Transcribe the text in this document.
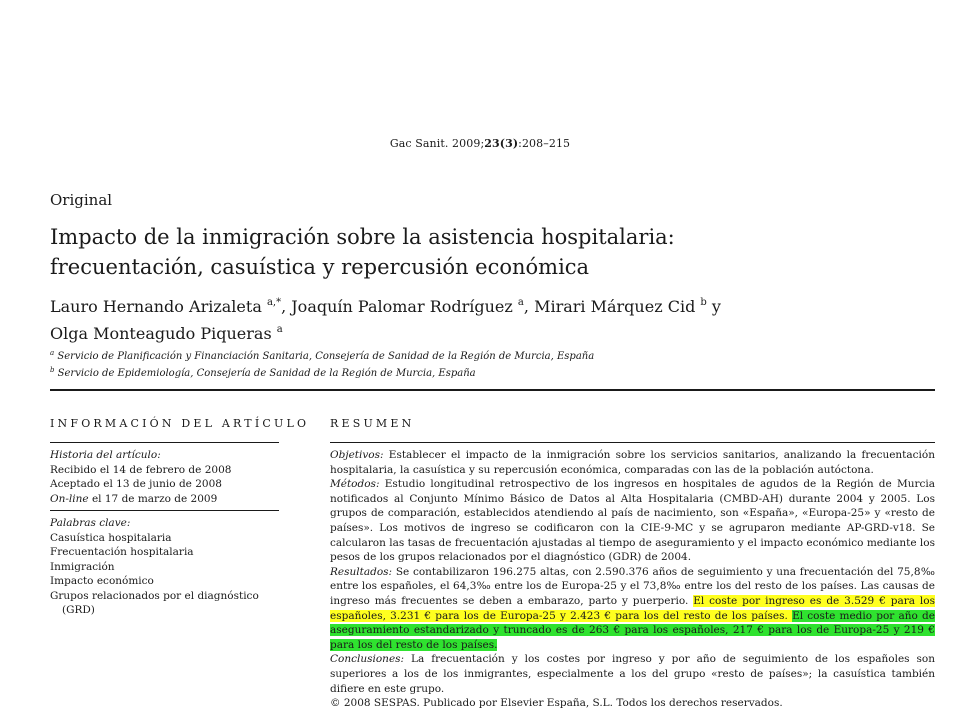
Gac Sanit. 2009;23(3):208–215
Original
Impacto de la inmigración sobre la asistencia hospitalaria:
frecuentación, casuística y repercusión económica
Lauro Hernando Arizaleta $^{a,*}$, Joaquín Palomar Rodríguez $^a$, Mirari Márquez Cid $^b$ y
Olga Monteagudo Piqueras $^a$
$^a$ Servicio de Planificación y Financiación Sanitaria, Consejería de Sanidad de la Región de Murcia, España
$^b$ Servicio de Epidemiología, Consejería de Sanidad de la Región de Murcia, España
INFORMACIÓN DEL ARTÍCULO RESUMEN
Historia del artículo:
Recibido el 14 de febrero de 2008
Aceptado el 13 de junio de 2008
On-line el 17 de marzo de 2009
Palabras clave:
Casuística hospitalaria
Frecuentación hospitalaria
Inmigración
Impacto económico
Grupos relacionados por el diagnóstico
(GRD)

Objetivos: Establecer el impacto de la inmigración sobre los servicios sanitarios, analizando la frecuentación hospitalaria, la casuística y su repercusión económica, comparadas con las de la población autóctona.

Métodos: Estudio longitudinal retrospectivo de los ingresos en hospitales de agudos de la Región de Murcia notificados al Conjunto Mínimo Básico de Datos al Alta Hospitalaria (CMBD-AH) durante 2004 y 2005. Los grupos de comparación, establecidos atendiendo al país de nacimiento, son «España», «Europa-25» y «resto de países». Los motivos de ingreso se codificaron con la CIE-9-MC y se agruparon mediante AP-GRD-v18. Se calcularon las tasas de frecuentación ajustadas al tiempo de aseguramiento y el impacto económico mediante los pesos de los grupos relacionados por el diagnóstico (GDR) de 2004.

Resultados: Se contabilizaron 196.275 altas, con 2.590.376 años de seguimiento y una frecuentación del 75,8‰ entre los españoles, el 64,3‰ entre los de Europa-25 y el 73,8‰ entre los del resto de los países. Las causas de ingreso más frecuentes se deben a embarazo, parto y puerperio. El coste por ingreso es de 3.529 € para los españoles, 3.231 € para los de Europa-25 y 2.423 € para los del resto de los países. El coste medio por año de aseguramiento estandarizado y truncado es de 263 € para los españoles, 217 € para los de Europa-25 y 219 € para los del resto de los países.

Conclusiones: La frecuentación y los costes por ingreso y por año de seguimiento de los españoles son superiores a los de los inmigrantes, especialmente a los del grupo «resto de países»; la casuística también difiere en este grupo.

© 2008 SESPAS. Publicado por Elsevier España, S.L. Todos los derechos reservados.
